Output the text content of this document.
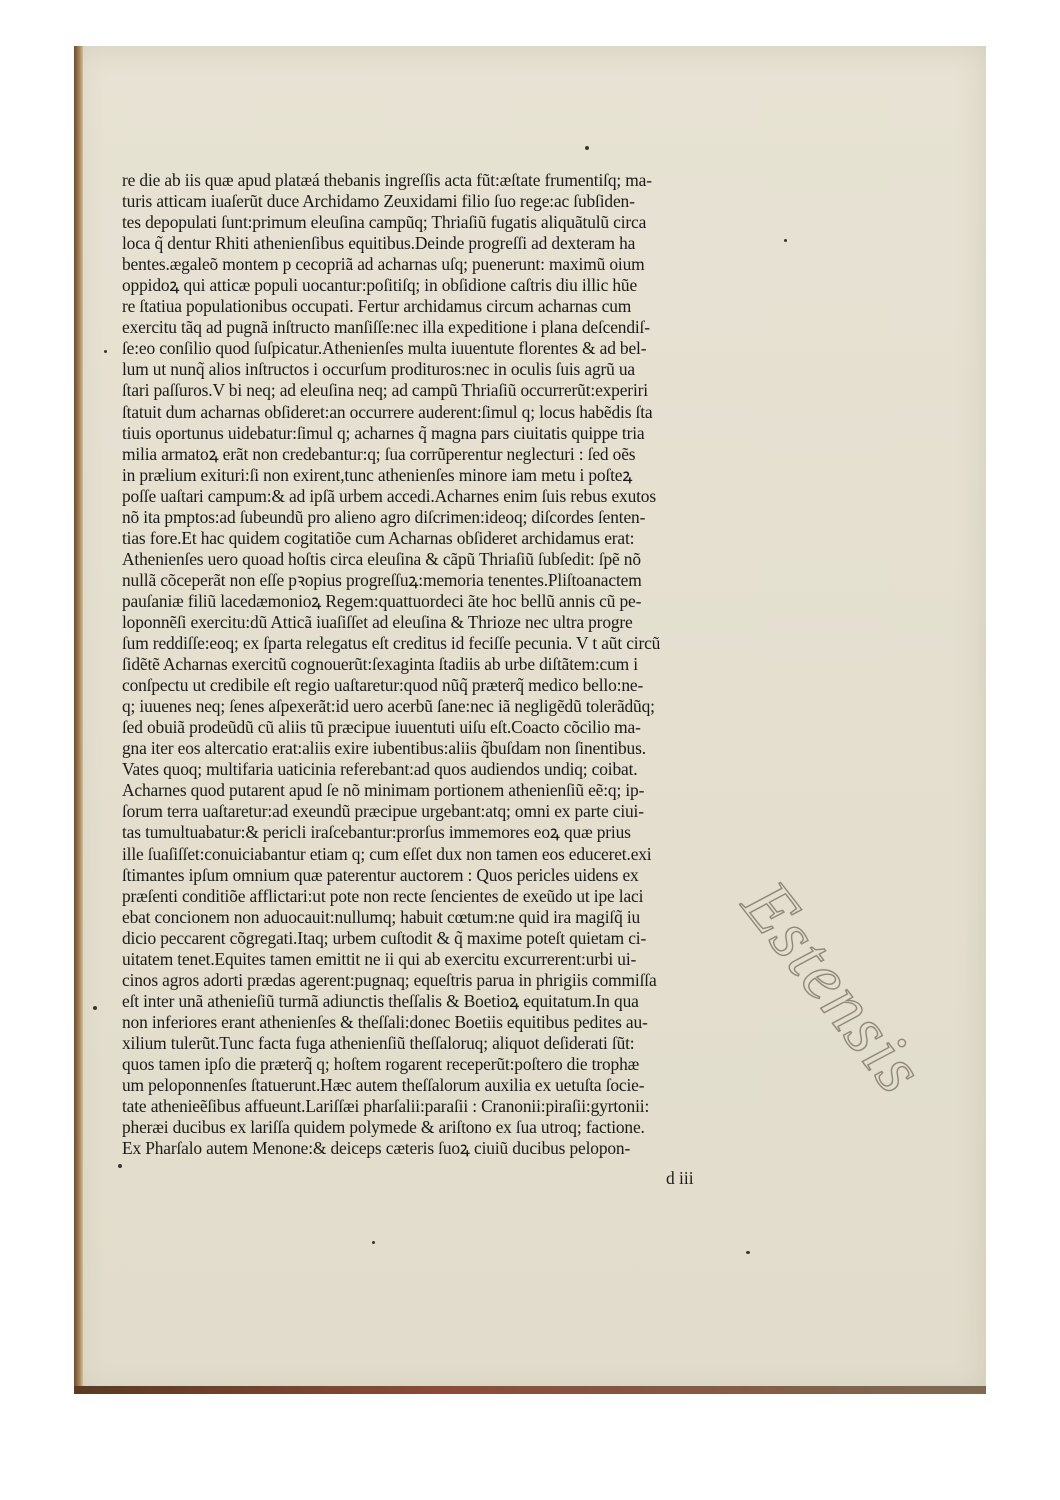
re die ab iis quæ apud platæá thebanis ingreſſis acta fũt:æſtate frumentiſq; ma-
turis atticam iuaſerũt duce Archidamo Zeuxidami filio ſuo rege:ac ſubſiden-
tes depopulati ſunt:primum eleuſina campũq; Thriaſiũ fugatis aliquãtulũ circa
loca q̃ dentur Rhiti athenienſibus equitibus.Deinde progreſſi ad dexteram ha
bentes.ægaleõ montem p cecopriã ad acharnas uſq; puenerunt: maximũ oium
oppidoꝝ qui atticæ populi uocantur:poſitiſq; in obſidione caſtris diu illic hũe
re ſtatiua populationibus occupati. Fertur archidamus circum acharnas cum
exercitu tãq ad pugnã inſtructo manſiſſe:nec illa expeditione i plana deſcendiſ-
ſe:eo conſilio quod ſuſpicatur.Athenienſes multa iuuentute florentes & ad bel-
lum ut nunq̃ alios inſtructos i occurſum prodituros:nec in oculis ſuis agrũ ua
ſtari paſſuros.V bi neq; ad eleuſina neq; ad campũ Thriaſiũ occurrerũt:experiri
ſtatuit dum acharnas obſideret:an occurrere auderent:ſimul q; locus habẽdis ſta
tiuis oportunus uidebatur:ſimul q; acharnes q̃ magna pars ciuitatis quippe tria
milia armatoꝝ erãt non credebantur:q; ſua corrũperentur neglecturi : ſed oẽs
in prælium exituri:ſi non exirent,tunc athenienſes minore iam metu i poſteꝝ
poſſe uaſtari campum:& ad ipſã urbem accedi.Acharnes enim ſuis rebus exutos
nõ ita pmptos:ad ſubeundũ pro alieno agro diſcrimen:ideoq; diſcordes ſenten-
tias fore.Et hac quidem cogitatiõe cum Acharnas obſideret archidamus erat:
Athenienſes uero quoad hoſtis circa eleuſina & cãpũ Thriaſiũ ſubſedit: ſpẽ nõ
nullã cõceperãt non eſſe pꝛopius progreſſuꝝ:memoria tenentes.Pliſtoanactem
pauſaniæ filiũ lacedæmonioꝝ Regem:quattuordeci ãte hoc bellũ annis cũ pe-
loponnẽſi exercitu:dũ Atticã iuaſiſſet ad eleuſina & Thrioze nec ultra progre
ſum reddiſſe:eoq; ex ſparta relegatus eſt creditus id feciſſe pecunia. V t aũt circũ
ſidẽtẽ Acharnas exercitũ cognouerũt:ſexaginta ſtadiis ab urbe diſtãtem:cum i
conſpectu ut credibile eſt regio uaſtaretur:quod nũq̃ præterq̃ medico bello:ne-
q; iuuenes neq; ſenes aſpexerãt:id uero acerbũ ſane:nec iã negligẽdũ tolerãdũq;
ſed obuiã prodeũdũ cũ aliis tũ præcipue iuuentuti uiſu eſt.Coacto cõcilio ma-
gna iter eos altercatio erat:aliis exire iubentibus:aliis q̃buſdam non ſinentibus.
Vates quoq; multifaria uaticinia referebant:ad quos audiendos undiq; coibat.
Acharnes quod putarent apud ſe nõ minimam portionem athenienſiũ eẽ:q; ip-
ſorum terra uaſtaretur:ad exeundũ præcipue urgebant:atq; omni ex parte ciui-
tas tumultuabatur:& pericli iraſcebantur:prorſus immemores eoꝝ quæ prius
ille ſuaſiſſet:conuiciabantur etiam q; cum eſſet dux non tamen eos educeret.exi
ſtimantes ipſum omnium quæ paterentur auctorem : Quos pericles uidens ex
præſenti conditiõe afflictari:ut pote non recte ſencientes de exeũdo ut ipe laci
ebat concionem non aduocauit:nullumq; habuit cœtum:ne quid ira magiſq̃ iu
dicio peccarent cõgregati.Itaq; urbem cuſtodit & q̃ maxime poteſt quietam ci-
uitatem tenet.Equites tamen emittit ne ii qui ab exercitu excurrerent:urbi ui-
cinos agros adorti prædas agerent:pugnaq; equeſtris parua in phrigiis commiſſa
eſt inter unã athenieſiũ turmã adiunctis theſſalis & Boetioꝝ equitatum.In qua
non inferiores erant athenienſes & theſſali:donec Boetiis equitibus pedites au-
xilium tulerũt.Tunc facta fuga athenienſiũ theſſaloruq; aliquot deſiderati ſũt:
quos tamen ipſo die præterq̃ q; hoſtem rogarent receperũt:poſtero die trophæ
um peloponnenſes ſtatuerunt.Hæc autem theſſalorum auxilia ex uetuſta ſocie-
tate athenieẽſibus affueunt.Lariſſæi pharſalii:paraſii : Cranonii:piraſii:gyrtonii:
pheræi ducibus ex lariſſa quidem polymede & ariſtono ex ſua utroq; factione.
Ex Pharſalo autem Menone:& deiceps cæteris ſuoꝝ ciuiũ ducibus pelopon-
d iii
Estensis
